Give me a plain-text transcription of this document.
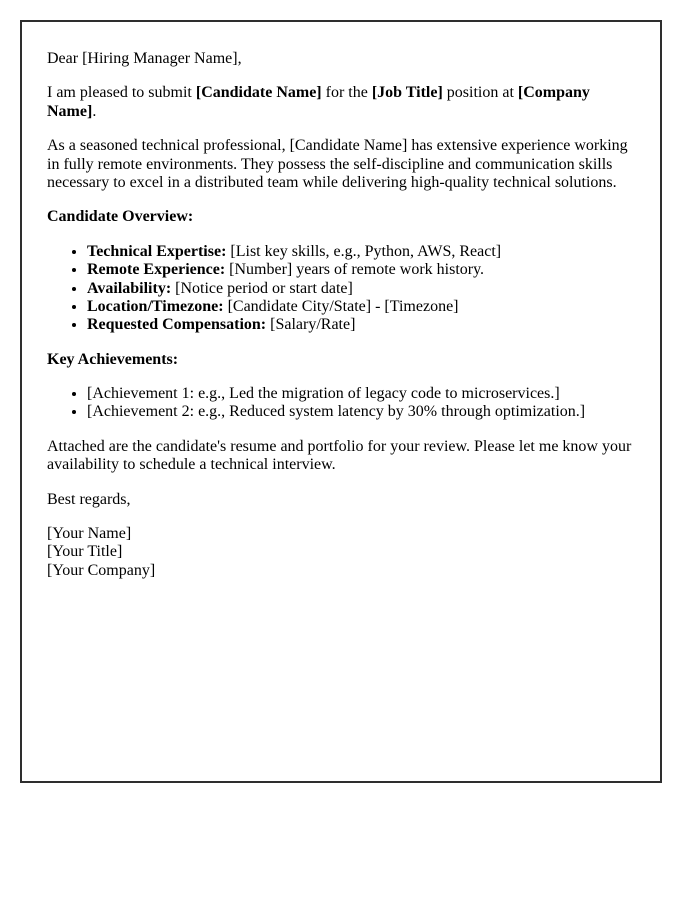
Dear [Hiring Manager Name],

I am pleased to submit [Candidate Name] for the [Job Title] position at [Company Name].

As a seasoned technical professional, [Candidate Name] has extensive experience working in fully remote environments. They possess the self-discipline and communication skills necessary to excel in a distributed team while delivering high-quality technical solutions.

Candidate Overview:

• Technical Expertise: [List key skills, e.g., Python, AWS, React]
• Remote Experience: [Number] years of remote work history.
• Availability: [Notice period or start date]
• Location/Timezone: [Candidate City/State] - [Timezone]
• Requested Compensation: [Salary/Rate]

Key Achievements:

• [Achievement 1: e.g., Led the migration of legacy code to microservices.]
• [Achievement 2: e.g., Reduced system latency by 30% through optimization.]

Attached are the candidate's resume and portfolio for your review. Please let me know your availability to schedule a technical interview.

Best regards,

[Your Name]
[Your Title]
[Your Company]
